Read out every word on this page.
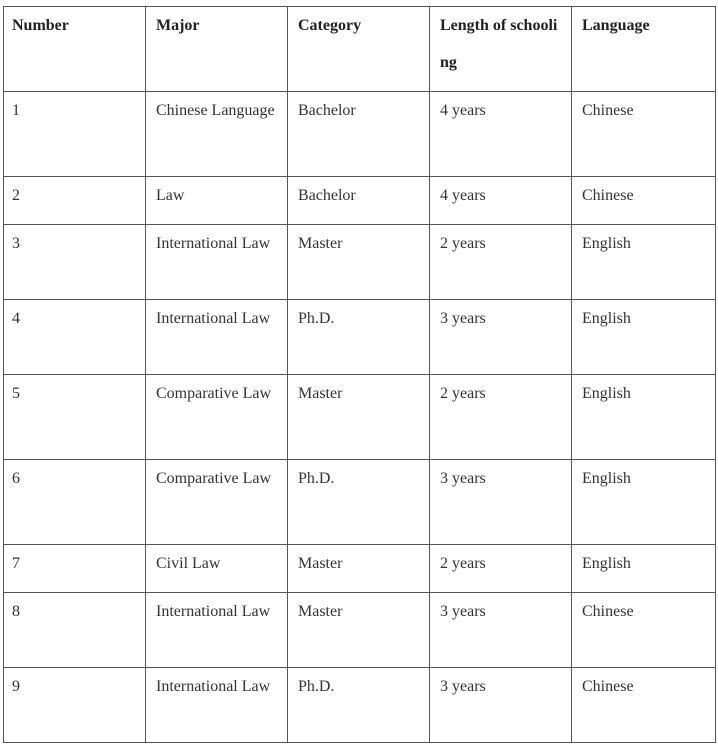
Number	Major	Category	Length of schooling	Language
1	Chinese Language	Bachelor	4 years	Chinese
2	Law	Bachelor	4 years	Chinese
3	International Law	Master	2 years	English
4	International Law	Ph.D.	3 years	English
5	Comparative Law	Master	2 years	English
6	Comparative Law	Ph.D.	3 years	English
7	Civil Law	Master	2 years	English
8	International Law	Master	3 years	Chinese
9	International Law	Ph.D.	3 years	Chinese
